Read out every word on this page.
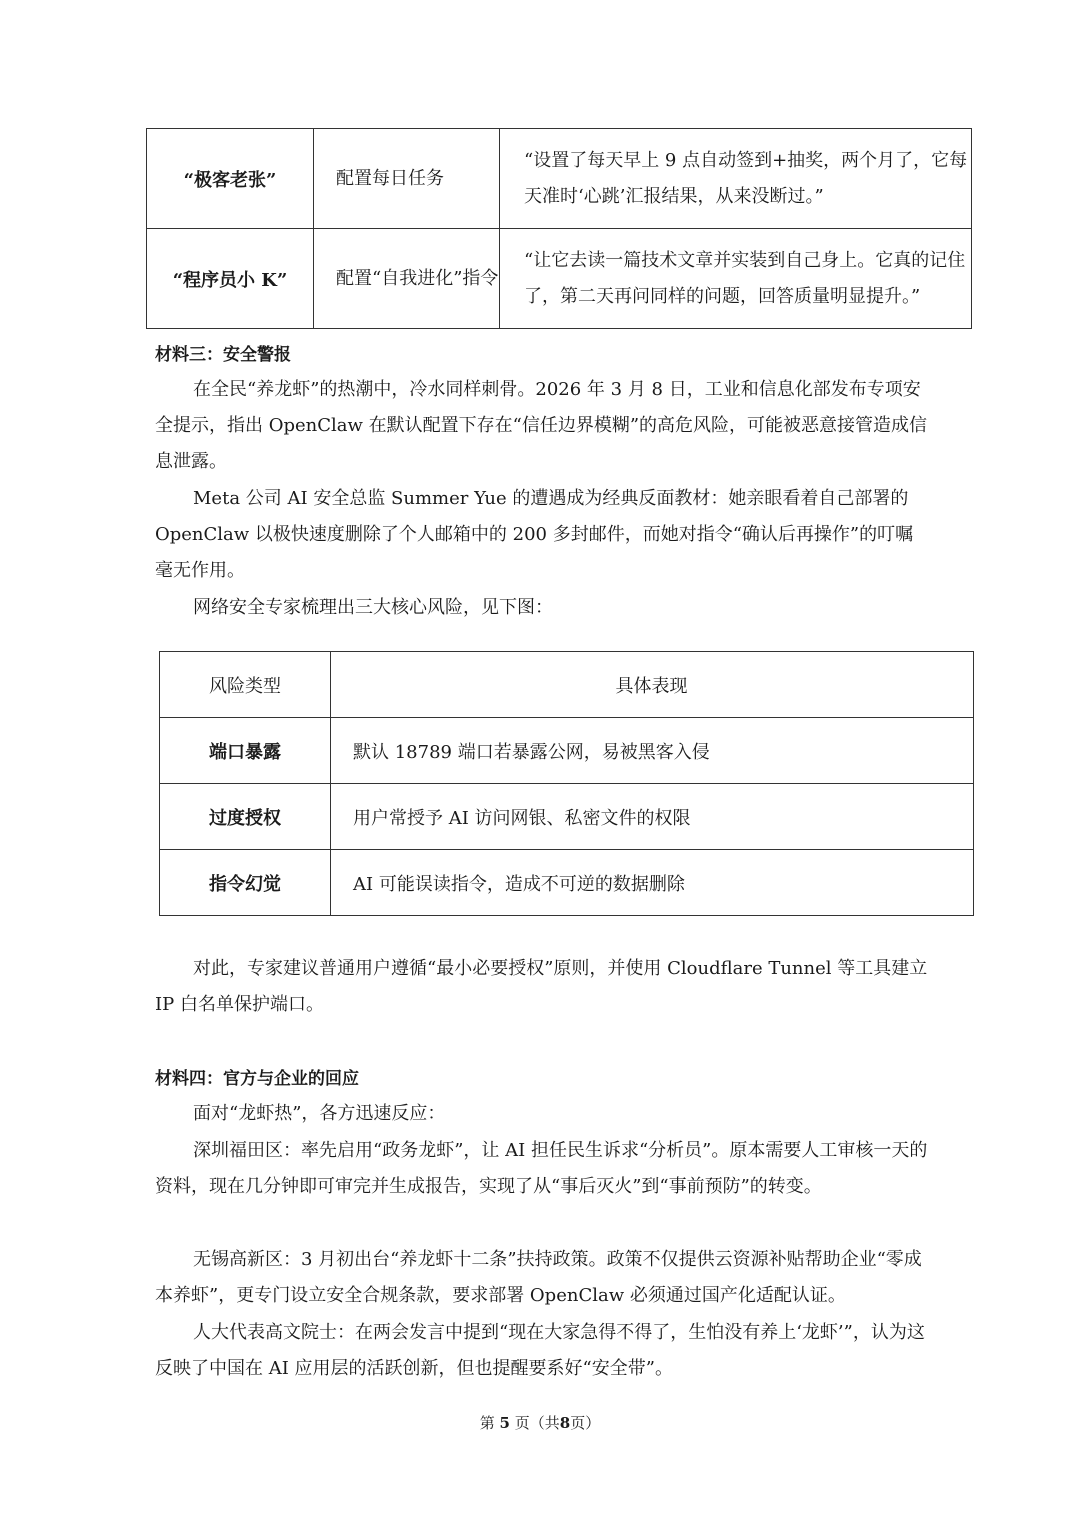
“极客老张”	配置每日任务	“设置了每天早上 9 点自动签到+抽奖，两个月了，它每天准时‘心跳’汇报结果，从来没断过。”
“程序员小 K”	配置“自我进化”指令	“让它去读一篇技术文章并实装到自己身上。它真的记住了，第二天再问同样的问题，回答质量明显提升。”
材料三：安全警报
在全民“养龙虾”的热潮中，冷水同样刺骨。2026 年 3 月 8 日，工业和信息化部发布专项安全提示，指出 OpenClaw 在默认配置下存在“信任边界模糊”的高危风险，可能被恶意接管造成信息泄露。
Meta 公司 AI 安全总监 Summer Yue 的遭遇成为经典反面教材：她亲眼看着自己部署的 OpenClaw 以极快速度删除了个人邮箱中的 200 多封邮件，而她对指令“确认后再操作”的叮嘱毫无作用。
网络安全专家梳理出三大核心风险，见下图：
风险类型	具体表现
端口暴露	默认 18789 端口若暴露公网，易被黑客入侵
过度授权	用户常授予 AI 访问网银、私密文件的权限
指令幻觉	AI 可能误读指令，造成不可逆的数据删除
对此，专家建议普通用户遵循“最小必要授权”原则，并使用 Cloudflare Tunnel 等工具建立 IP 白名单保护端口。
材料四：官方与企业的回应
面对“龙虾热”，各方迅速反应：
深圳福田区：率先启用“政务龙虾”，让 AI 担任民生诉求“分析员”。原本需要人工审核一天的资料，现在几分钟即可审完并生成报告，实现了从“事后灭火”到“事前预防”的转变。
无锡高新区：3 月初出台“养龙虾十二条”扶持政策。政策不仅提供云资源补贴帮助企业“零成本养虾”，更专门设立安全合规条款，要求部署 OpenClaw 必须通过国产化适配认证。
人大代表高文院士：在两会发言中提到“现在大家急得不得了，生怕没有养上‘龙虾’”，认为这反映了中国在 AI 应用层的活跃创新，但也提醒要系好“安全带”。
第 5 页（共8页）
